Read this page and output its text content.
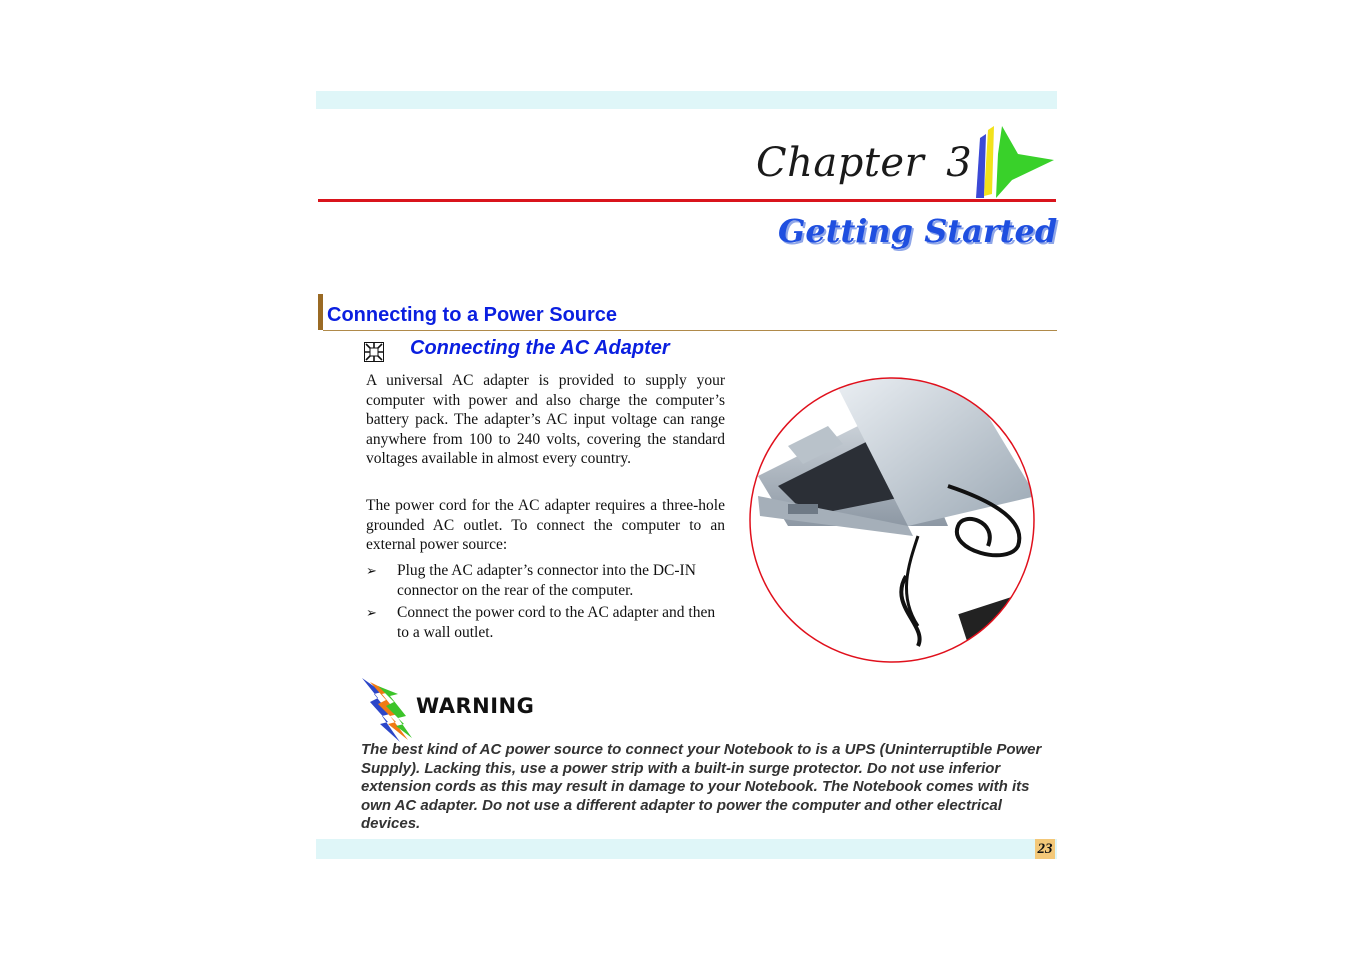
Chapter 3
Getting Started
Connecting to a Power Source
Connecting the AC Adapter
A universal AC adapter is provided to supply your computer with power and also charge the computer’s battery pack. The adapter’s AC input voltage can range anywhere from 100 to 240 volts, covering the standard voltages available in almost every country.
The power cord for the AC adapter requires a three-hole grounded AC outlet. To connect the computer to an external power source:
➢ Plug the AC adapter’s connector into the DC-IN connector on the rear of the computer.
➢ Connect the power cord to the AC adapter and then to a wall outlet.
WARNING
The best kind of AC power source to connect your Notebook to is a UPS (Uninterruptible Power Supply). Lacking this, use a power strip with a built-in surge protector. Do not use inferior extension cords as this may result in damage to your Notebook. The Notebook comes with its own AC adapter. Do not use a different adapter to power the computer and other electrical devices.
23
